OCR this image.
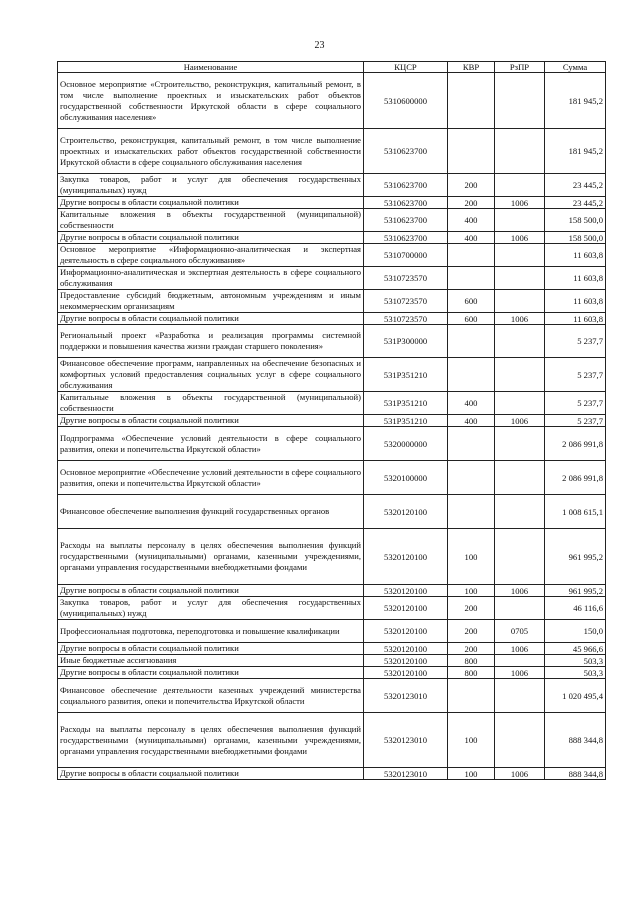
23
Наименование	КЦСР	КВР	РзПР	Сумма
Основное мероприятие «Строительство, реконструкция, капитальный ремонт, в том числе выполнение проектных и изыскательских работ объектов государственной собственности Иркутской области в сфере социального обслуживания населения»	5310600000			181 945,2
Строительство, реконструкция, капитальный ремонт, в том числе выполнение проектных и изыскательских работ объектов государственной собственности Иркутской области в сфере социального обслуживания населения	5310623700			181 945,2
Закупка товаров, работ и услуг для обеспечения государственных (муниципальных) нужд	5310623700	200		23 445,2
Другие вопросы в области социальной политики	5310623700	200	1006	23 445,2
Капитальные вложения в объекты государственной (муниципальной) собственности	5310623700	400		158 500,0
Другие вопросы в области социальной политики	5310623700	400	1006	158 500,0
Основное мероприятие «Информационно-аналитическая и экспертная деятельность в сфере социального обслуживания»	5310700000			11 603,8
Информационно-аналитическая и экспертная деятельность в сфере социального обслуживания	5310723570			11 603,8
Предоставление субсидий бюджетным, автономным учреждениям и иным некоммерческим организациям	5310723570	600		11 603,8
Другие вопросы в области социальной политики	5310723570	600	1006	11 603,8
Региональный проект «Разработка и реализация программы системной поддержки и повышения качества жизни граждан старшего поколения»	531P300000			5 237,7
Финансовое обеспечение программ, направленных на обеспечение безопасных и комфортных условий предоставления социальных услуг в сфере социального обслуживания	531P351210			5 237,7
Капитальные вложения в объекты государственной (муниципальной) собственности	531P351210	400		5 237,7
Другие вопросы в области социальной политики	531P351210	400	1006	5 237,7
Подпрограмма «Обеспечение условий деятельности в сфере социального развития, опеки и попечительства Иркутской области»	5320000000			2 086 991,8
Основное мероприятие «Обеспечение условий деятельности в сфере социального развития, опеки и попечительства Иркутской области»	5320100000			2 086 991,8
Финансовое обеспечение выполнения функций государственных органов	5320120100			1 008 615,1
Расходы на выплаты персоналу в целях обеспечения выполнения функций государственными (муниципальными) органами, казенными учреждениями, органами управления государственными внебюджетными фондами	5320120100	100		961 995,2
Другие вопросы в области социальной политики	5320120100	100	1006	961 995,2
Закупка товаров, работ и услуг для обеспечения государственных (муниципальных) нужд	5320120100	200		46 116,6
Профессиональная подготовка, переподготовка и повышение квалификации	5320120100	200	0705	150,0
Другие вопросы в области социальной политики	5320120100	200	1006	45 966,6
Иные бюджетные ассигнования	5320120100	800		503,3
Другие вопросы в области социальной политики	5320120100	800	1006	503,3
Финансовое обеспечение деятельности казенных учреждений министерства социального развития, опеки и попечительства Иркутской области	5320123010			1 020 495,4
Расходы на выплаты персоналу в целях обеспечения выполнения функций государственными (муниципальными) органами, казенными учреждениями, органами управления государственными внебюджетными фондами	5320123010	100		888 344,8
Другие вопросы в области социальной политики	5320123010	100	1006	888 344,8
